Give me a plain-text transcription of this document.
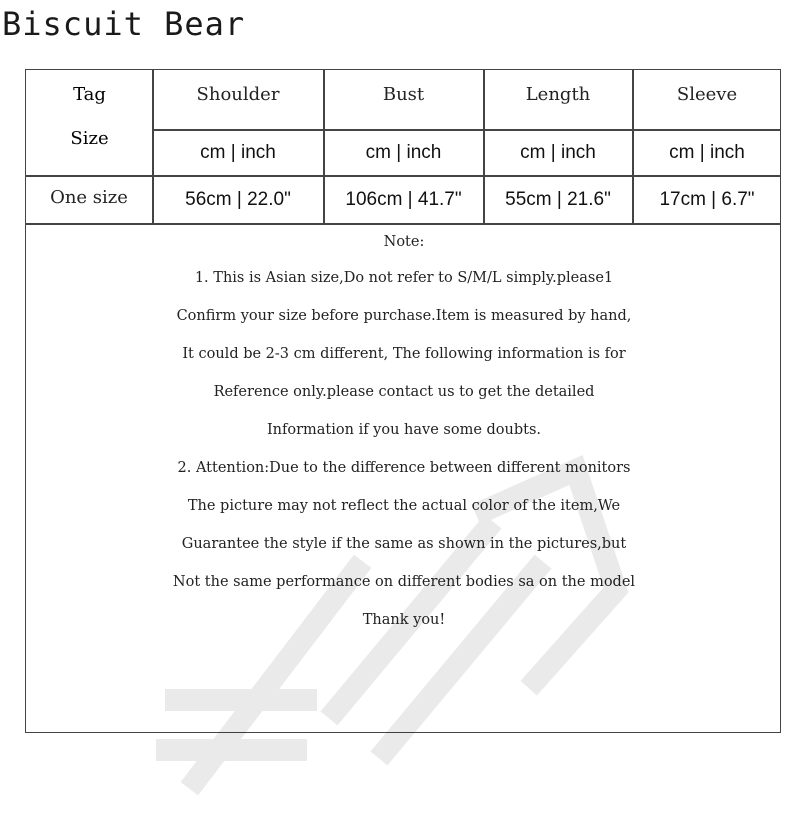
Biscuit Bear
Tag
Size
Shoulder	Bust	Length	Sleeve
cm | inch	cm | inch	cm | inch	cm | inch
One size	56cm | 22.0"	106cm | 41.7"	55cm | 21.6"	17cm | 6.7"
Note:
1. This is Asian size,Do not refer to S/M/L simply.please1
Confirm your size before purchase.Item is measured by hand,
It could be 2-3 cm different, The following information is for
Reference only.please contact us to get the detailed
Information if you have some doubts.
2. Attention:Due to the difference between different monitors
The picture may not reflect the actual color of the item,We
Guarantee the style if the same as shown in the pictures,but
Not the same performance on different bodies sa on the model
Thank you!
